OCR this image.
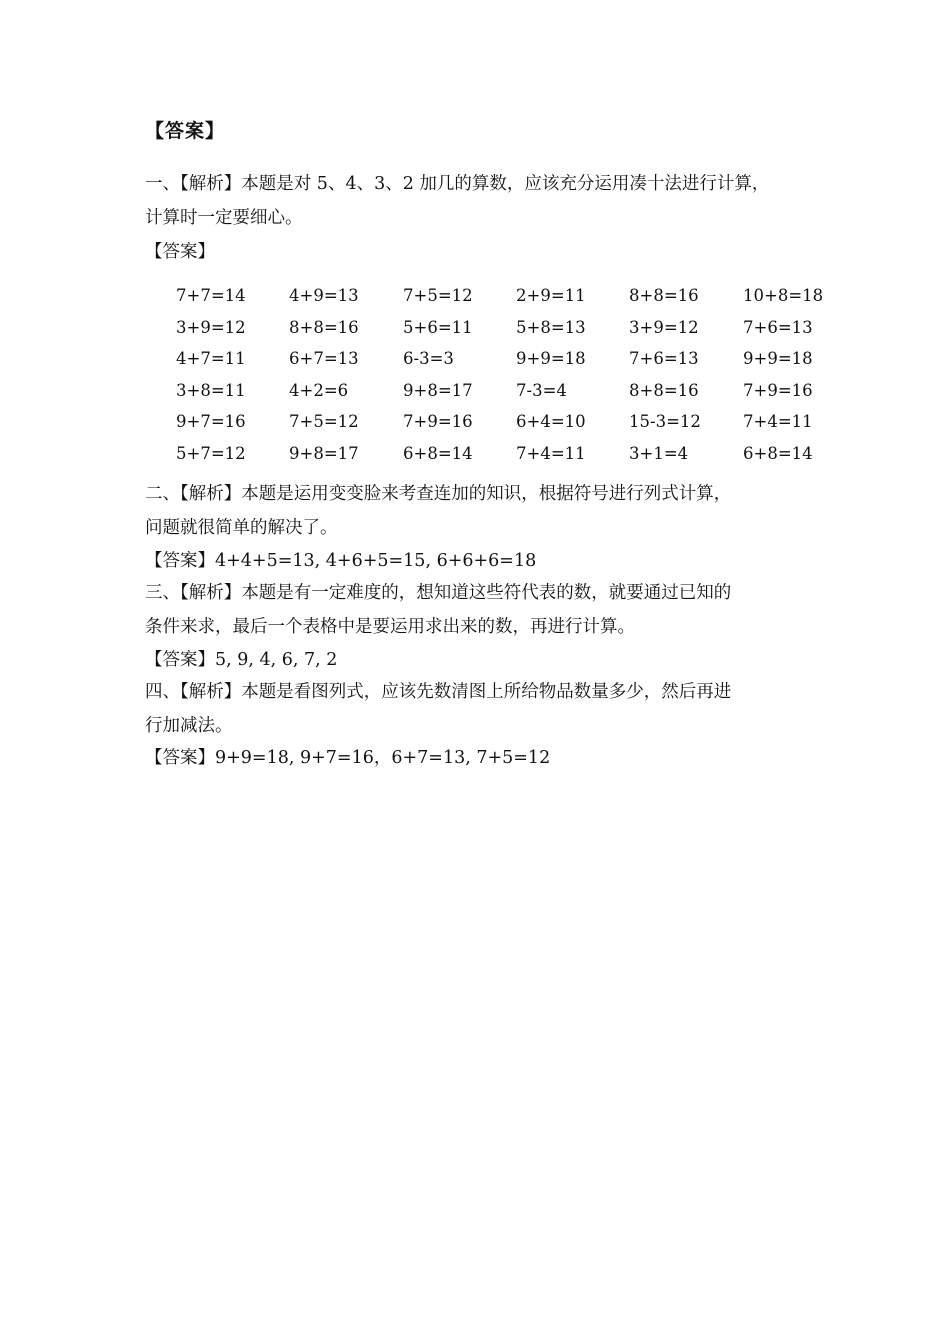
【答案】
一、【解析】本题是对 5、4、3、2 加几的算数，应该充分运用凑十法进行计算，
计算时一定要细心。
【答案】
7+7=14	4+9=13	7+5=12	2+9=11	8+8=16	10+8=18
3+9=12	8+8=16	5+6=11	5+8=13	3+9=12	7+6=13
4+7=11	6+7=13	6-3=3	9+9=18	7+6=13	9+9=18
3+8=11	4+2=6	9+8=17	7-3=4	8+8=16	7+9=16
9+7=16	7+5=12	7+9=16	6+4=10	15-3=12	7+4=11
5+7=12	9+8=17	6+8=14	7+4=11	3+1=4	6+8=14
二、【解析】本题是运用变变脸来考查连加的知识，根据符号进行列式计算，
问题就很简单的解决了。
【答案】4+4+5=13, 4+6+5=15, 6+6+6=18
三、【解析】本题是有一定难度的，想知道这些符代表的数，就要通过已知的
条件来求，最后一个表格中是要运用求出来的数，再进行计算。
【答案】5, 9, 4, 6, 7, 2
四、【解析】本题是看图列式，应该先数清图上所给物品数量多少，然后再进
行加减法。
【答案】9+9=18, 9+7=16，6+7=13, 7+5=12
